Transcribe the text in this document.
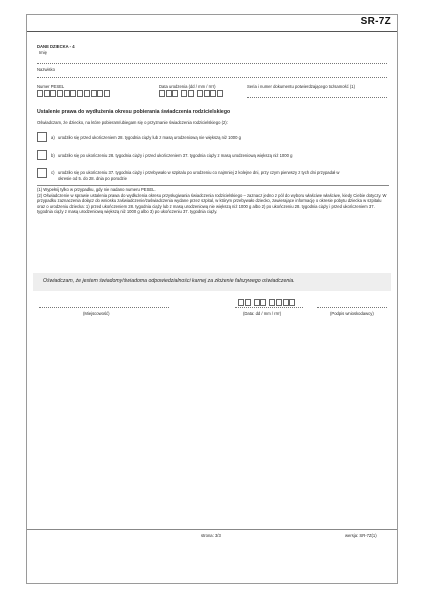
SR-7Z
DANE DZIECKA - 4
Imię
Nazwisko
Numer PESEL	Data urodzenia (dd / mm / rrrr)	Seria i numer dokumentu potwierdzającego tożsamość (1)
Ustalenie prawa do wydłużenia okresu pobierania świadczenia rodzicielskiego
Oświadczam, że dziecko, na które pobieram/ubiegam się o przyznanie świadczenia rodzicielskiego (2):
a) urodziło się przed ukończeniem 28. tygodnia ciąży lub z masą urodzeniową nie większą niż 1000 g
b) urodziło się po ukończeniu 28. tygodnia ciąży i przed ukończeniem 37. tygodnia ciąży z masą urodzeniową większą niż 1000 g
c) urodziło się po ukończeniu 37. tygodnia ciąży i przebywało w szpitalu po urodzeniu co najmniej 2 kolejne dni, przy czym pierwszy z tych dni przypadał w
okresie od 5. do 28. dnia po porodzie
(1) Wypełnij tylko w przypadku, gdy nie nadano numeru PESEL.
(2) Oświadczenie w sprawie ustalenia prawa do wydłużenia okresu przysługiwania świadczenia rodzicielskiego – zaznacz jedno z pól do wyboru właściwe właściwe, kiedy Ciebie dotyczy. W przypadku zaznaczenia dołącz do wniosku zaświadczenie/zaświadczenia wydane przez szpital, w którym przebywało dziecko, zawierające informację o okresie pobytu dziecka w szpitalu oraz o urodzeniu dziecka: 1) przed ukończeniem 28. tygodnia ciąży lub z masą urodzeniową nie większą niż 1000 g albo 2) po ukończeniu 28. tygodnia ciąży i przed ukończeniem 37. tygodnia ciąży z masą urodzeniową większą niż 1000 g albo 3) po ukończeniu 37. tygodnia ciąży.
Oświadczam, że jestem świadomy/świadoma odpowiedzialności karnej za złożenie fałszywego oświadczenia.
(Miejscowość)	(Data: dd / mm / rrrr)	(Podpis wnioskodawcy)
strona: 3/3	wersja: SR-7Z(1)
